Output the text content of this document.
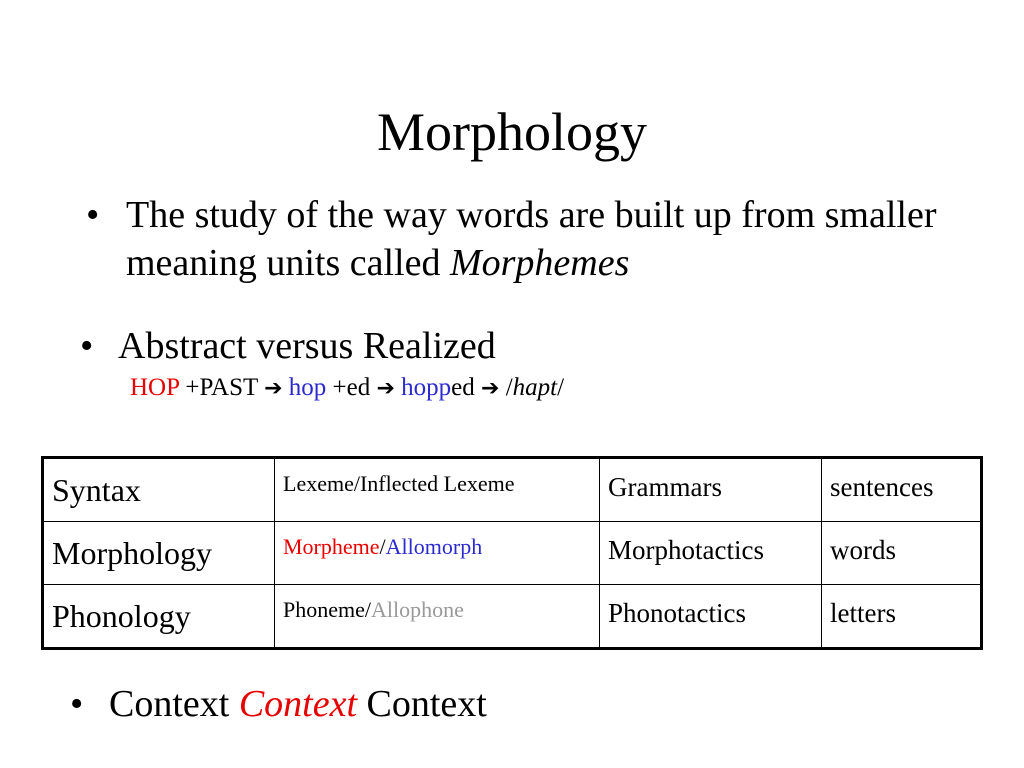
Morphology
• The study of the way words are built up from smaller meaning units called Morphemes
• Abstract versus Realized
HOP +PAST ➔ hop +ed ➔ hopped ➔ /hapt/
Syntax	Lexeme/Inflected Lexeme	Grammars	sentences
Morphology	Morpheme/Allomorph	Morphotactics	words
Phonology	Phoneme/Allophone	Phonotactics	letters
• Context Context Context
